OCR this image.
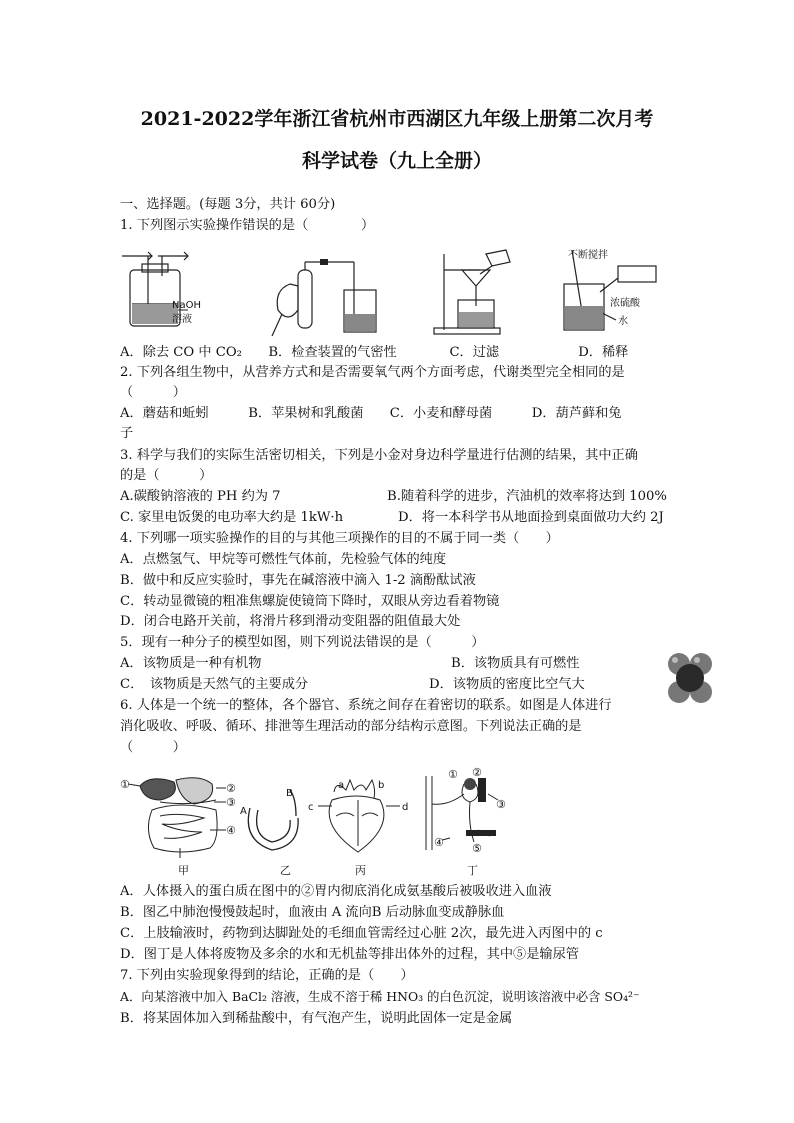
2021-2022学年浙江省杭州市西湖区九年级上册第二次月考
科学试卷（九上全册）
一、选择题。(每题 3分，共计 60分)
1. 下列图示实验操作错误的是（　　　　）
NaOH
溶液
不断搅拌
浓硫酸
水
A．除去 CO 中 CO₂　　B．检查装置的气密性　　　　C．过滤　　　　　　D．稀释
2. 下列各组生物中，从营养方式和是否需要氧气两个方面考虑，代谢类型完全相同的是
（　　　）
A．蘑菇和蚯蚓　　　B．苹果树和乳酸菌　　C．小麦和酵母菌　　　D．葫芦藓和兔
子
3. 科学与我们的实际生活密切相关，下列是小金对身边科学量进行估测的结果，其中正确
的是（　　　）
A.碳酸钠溶液的 PH 约为 7	B.随着科学的进步，汽油机的效率将达到 100%
C. 家里电饭煲的电功率大约是 1kW·h	D．将一本科学书从地面捡到桌面做功大约 2J
4. 下列哪一项实验操作的目的与其他三项操作的目的不属于同一类（　　）
A．点燃氢气、甲烷等可燃性气体前，先检验气体的纯度
B．做中和反应实验时，事先在碱溶液中滴入 1-2 滴酚酞试液
C．转动显微镜的粗准焦螺旋使镜筒下降时，双眼从旁边看着物镜
D．闭合电路开关前，将滑片移到滑动变阻器的阻值最大处
5．现有一种分子的模型如图，则下列说法错误的是（　　　）
A．该物质是一种有机物	B．该物质具有可燃性
C．　该物质是天然气的主要成分	D．该物质的密度比空气大
6. 人体是一个统一的整体，各个器官、系统之间存在着密切的联系。如图是人体进行
消化吸收、呼吸、循环、排泄等生理活动的部分结构示意图。下列说法正确的是
（　　　）
①	②
③
④
A
B
a	b
c	d
① ②
③
④	⑤
甲	乙	丙	丁
A．人体摄入的蛋白质在图中的②胃内彻底消化成氨基酸后被吸收进入血液
B．图乙中肺泡慢慢鼓起时，血液由 A 流向B 后动脉血变成静脉血
C．上肢输液时，药物到达脚趾处的毛细血管需经过心脏 2次，最先进入丙图中的 c
D．图丁是人体将废物及多余的水和无机盐等排出体外的过程，其中⑤是输尿管
7. 下列由实验现象得到的结论，正确的是（　　）
A．向某溶液中加入 BaCl₂ 溶液，生成不溶于稀 HNO₃ 的白色沉淀，说明该溶液中必含 SO₄²⁻
B．将某固体加入到稀盐酸中，有气泡产生，说明此固体一定是金属
